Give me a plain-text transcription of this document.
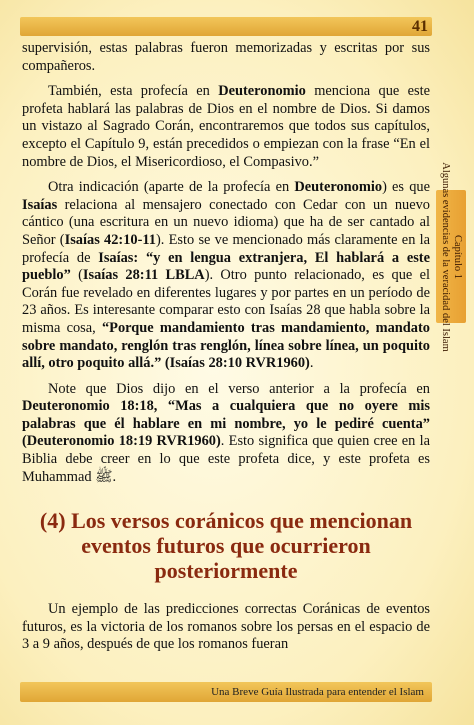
41
Capítulo 1
Algunas evidencias de la veracidad del Islam

supervisión, estas palabras fueron memorizadas y escritas por sus compañeros.

También, esta profecía en Deuteronomio menciona que este profeta hablará las palabras de Dios en el nombre de Dios. Si damos un vistazo al Sagrado Corán, encontraremos que todos sus capítulos, excepto el Capítulo 9, están precedidos o empiezan con la frase “En el nombre de Dios, el Misericordioso, el Compasivo.”

Otra indicación (aparte de la profecía en Deuteronomio) es que Isaías relaciona al mensajero conectado con Cedar con un nuevo cántico (una escritura en un nuevo idioma) que ha de ser cantado al Señor (Isaías 42:10-11). Esto se ve mencionado más claramente en la profecía de Isaías: “y en lengua extranjera, El hablará a este pueblo” (Isaías 28:11 LBLA). Otro punto relacionado, es que el Corán fue revelado en diferentes lugares y por partes en un período de 23 años. Es interesante comparar esto con Isaías 28 que habla sobre la misma cosa, “Porque mandamiento tras mandamiento, mandato sobre mandato, renglón tras renglón, línea sobre línea, un poquito allí, otro poquito allá.” (Isaías 28:10 RVR1960).

Note que Dios dijo en el verso anterior a la profecía en Deuteronomio 18:18, “Mas a cualquiera que no oyere mis palabras que él hablare en mi nombre, yo le pediré cuenta” (Deuteronomio 18:19 RVR1960). Esto significa que quien cree en la Biblia debe creer en lo que este profeta dice, y este profeta es Muhammad ﷺ.

(4) Los versos coránicos que mencionan eventos futuros que ocurrieron posteriormente

Un ejemplo de las predicciones correctas Coránicas de eventos futuros, es la victoria de los romanos sobre los persas en el espacio de 3 a 9 años, después de que los romanos fueran

Una Breve Guía Ilustrada para entender el Islam
